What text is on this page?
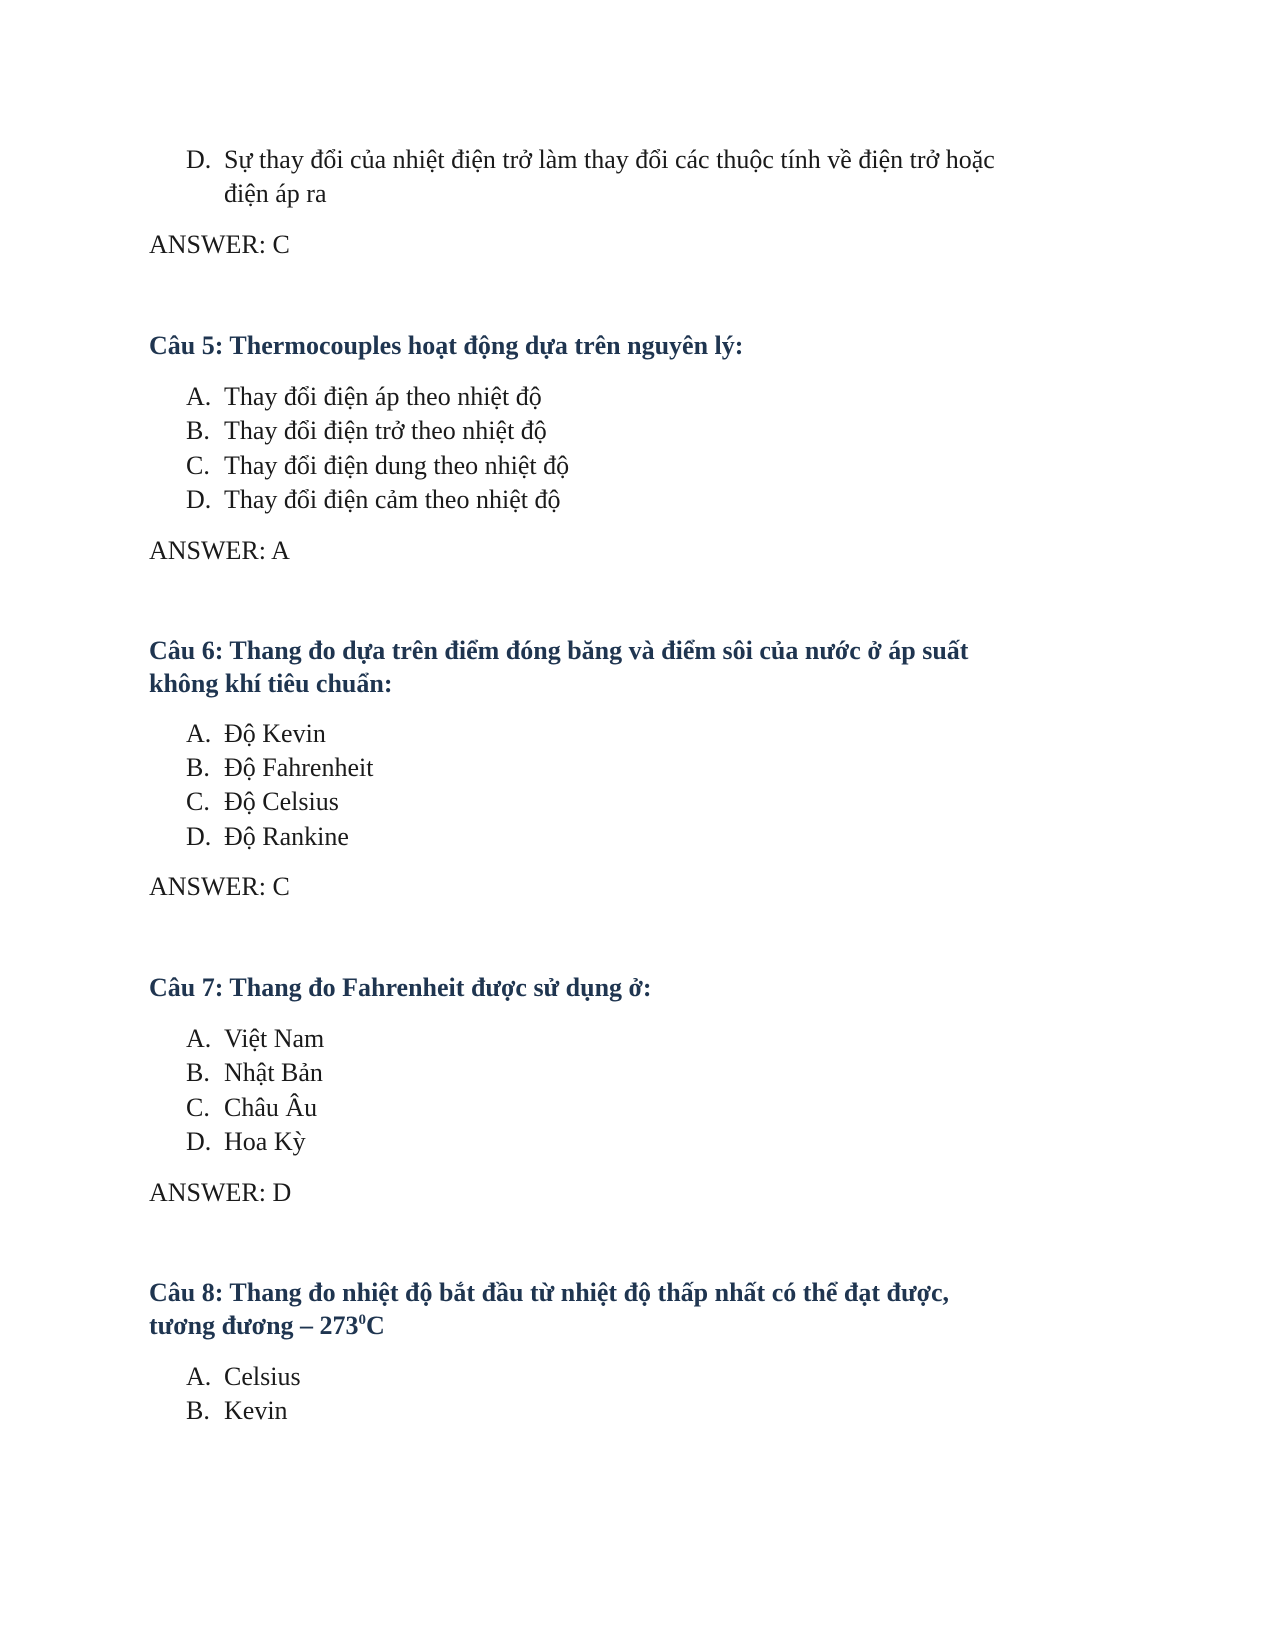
D. Sự thay đổi của nhiệt điện trở làm thay đổi các thuộc tính về điện trở hoặc
điện áp ra
ANSWER: C
Câu 5: Thermocouples hoạt động dựa trên nguyên lý:
A. Thay đổi điện áp theo nhiệt độ
B. Thay đổi điện trở theo nhiệt độ
C. Thay đổi điện dung theo nhiệt độ
D. Thay đổi điện cảm theo nhiệt độ
ANSWER: A
Câu 6: Thang đo dựa trên điểm đóng băng và điểm sôi của nước ở áp suất
không khí tiêu chuẩn:
A. Độ Kevin
B. Độ Fahrenheit
C. Độ Celsius
D. Độ Rankine
ANSWER: C
Câu 7: Thang đo Fahrenheit được sử dụng ở:
A. Việt Nam
B. Nhật Bản
C. Châu Âu
D. Hoa Kỳ
ANSWER: D
Câu 8: Thang đo nhiệt độ bắt đầu từ nhiệt độ thấp nhất có thể đạt được,
tương đương – $273^0C$
A. Celsius
B. Kevin
